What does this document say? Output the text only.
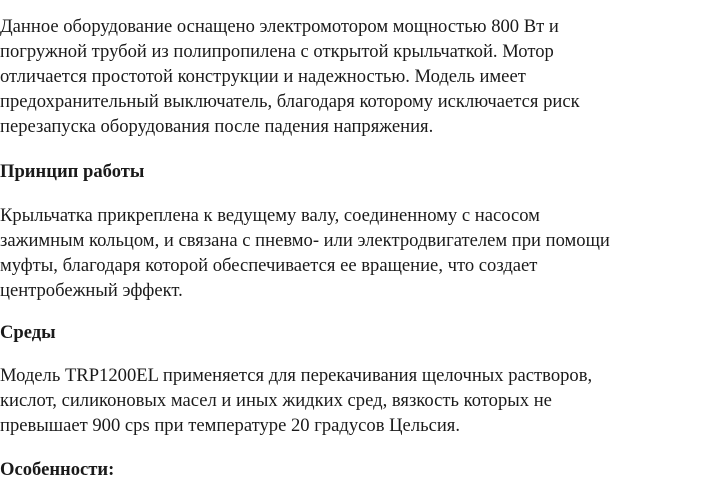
Данное оборудование оснащено электромотором мощностью 800 Вт и
погружной трубой из полипропилена с открытой крыльчаткой. Мотор
отличается простотой конструкции и надежностью. Модель имеет
предохранительный выключатель, благодаря которому исключается риск
перезапуска оборудования после падения напряжения.

Принцип работы

Крыльчатка прикреплена к ведущему валу, соединенному с насосом
зажимным кольцом, и связана с пневмо- или электродвигателем при помощи
муфты, благодаря которой обеспечивается ее вращение, что создает
центробежный эффект.

Среды

Модель TRP1200EL применяется для перекачивания щелочных растворов,
кислот, силиконовых масел и иных жидких сред, вязкость которых не
превышает 900 cps при температуре 20 градусов Цельсия.

Особенности:
